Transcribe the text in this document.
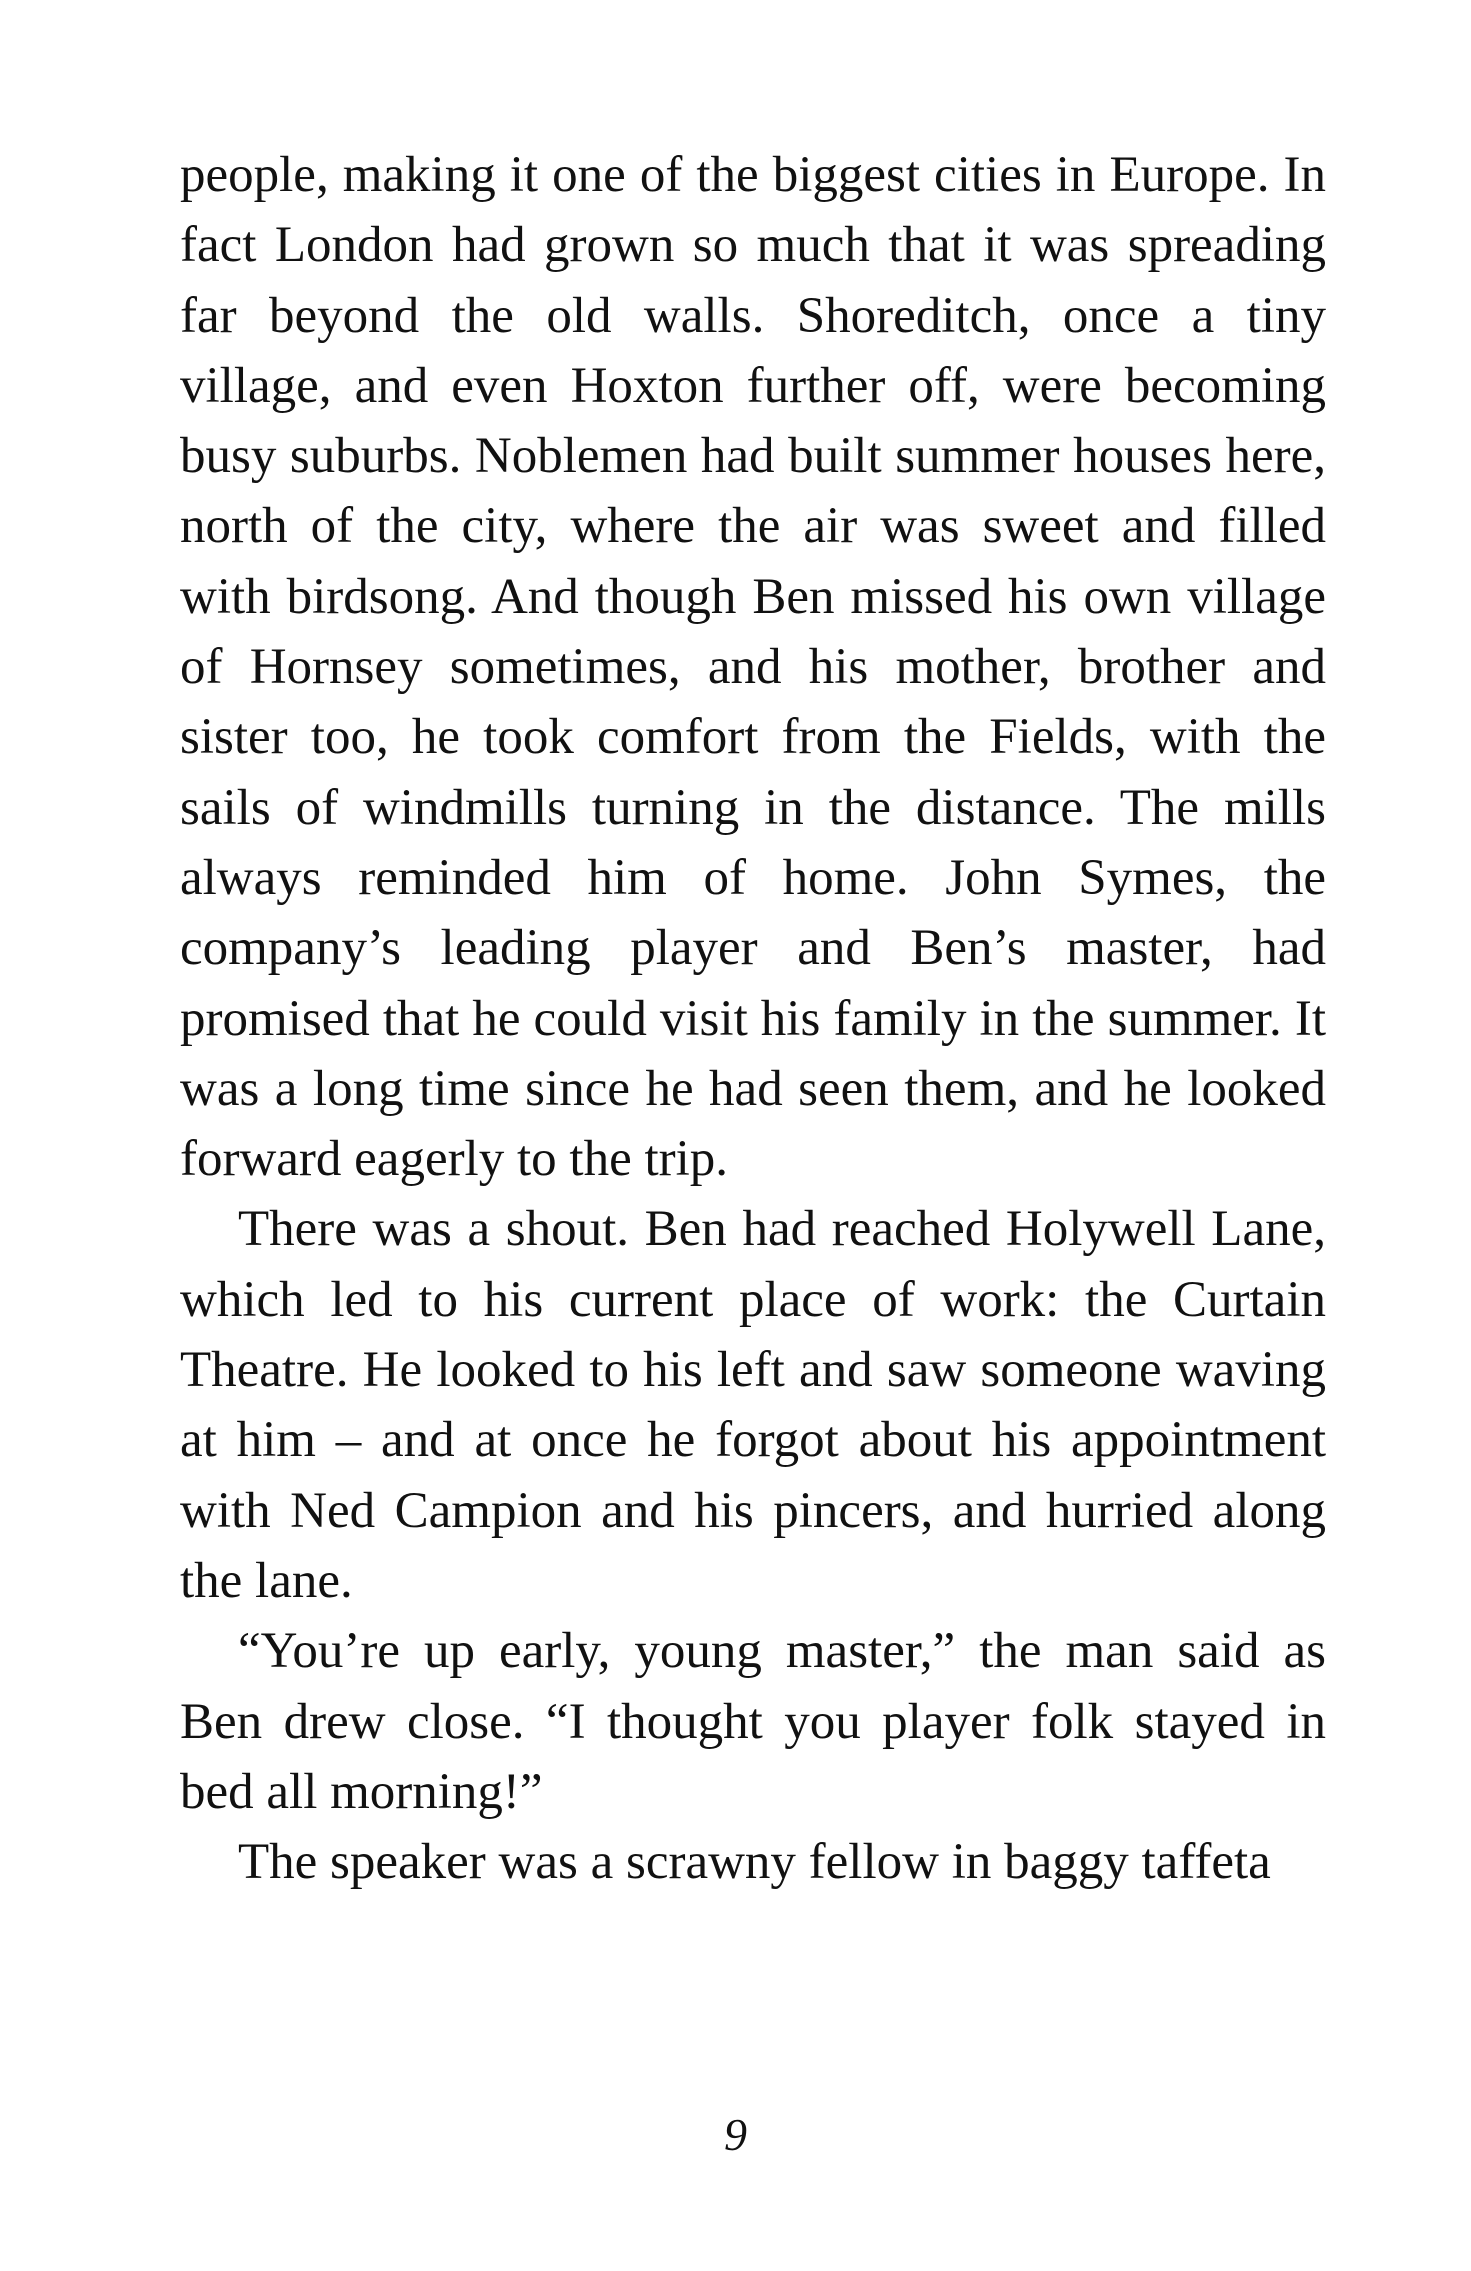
people, making it one of the biggest cities in Europe. In fact London had grown so much that it was spreading far beyond the old walls. Shoreditch, once a tiny village, and even Hoxton further off, were becoming busy suburbs. Noblemen had built summer houses here, north of the city, where the air was sweet and filled with birdsong. And though Ben missed his own village of Hornsey sometimes, and his mother, brother and sister too, he took comfort from the Fields, with the sails of windmills turning in the distance. The mills always reminded him of home. John Symes, the company’s leading player and Ben’s master, had promised that he could visit his family in the summer. It was a long time since he had seen them, and he looked forward eagerly to the trip.

There was a shout. Ben had reached Holywell Lane, which led to his current place of work: the Curtain Theatre. He looked to his left and saw someone waving at him – and at once he forgot about his appointment with Ned Campion and his pincers, and hurried along the lane.

“You’re up early, young master,” the man said as Ben drew close. “I thought you player folk stayed in bed all morning!”

The speaker was a scrawny fellow in baggy taffeta

9
